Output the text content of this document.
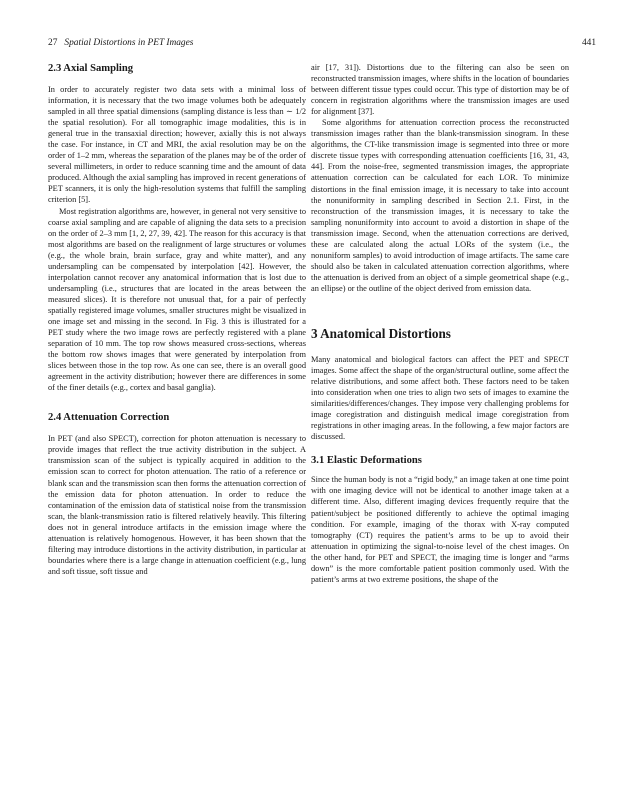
27 Spatial Distortions in PET Images	441
2.3 Axial Sampling

In order to accurately register two data sets with a minimal loss of information, it is necessary that the two image volumes both be adequately sampled in all three spatial dimensions (sampling distance is less than ∼ 1/2 the spatial resolution). For all tomographic image modalities, this is in general true in the transaxial direction; however, axially this is not always the case. For instance, in CT and MRI, the axial resolution may be on the order of 1–2 mm, whereas the separation of the planes may be of the order of several millimeters, in order to reduce scanning time and the amount of data produced. Although the axial sampling has improved in recent generations of PET scanners, it is only the high-resolution systems that fulfill the sampling criterion [5].

Most registration algorithms are, however, in general not very sensitive to coarse axial sampling and are capable of aligning the data sets to a precision on the order of 2–3 mm [1, 2, 27, 39, 42]. The reason for this accuracy is that most algorithms are based on the realignment of large structures or volumes (e.g., the whole brain, brain surface, gray and white matter), and any undersampling can be compensated by interpolation [42]. However, the interpolation cannot recover any anatomical information that is lost due to undersampling (i.e., structures that are located in the areas between the measured slices). It is therefore not unusual that, for a pair of perfectly spatially registered image volumes, smaller structures might be visualized in one image set and missing in the second. In Fig. 3 this is illustrated for a PET study where the two image rows are perfectly registered with a plane separation of 10 mm. The top row shows measured cross-sections, whereas the bottom row shows images that were generated by interpolation from slices between those in the top row. As one can see, there is an overall good agreement in the activity distribution; however there are differences in some of the finer details (e.g., cortex and basal ganglia).

2.4 Attenuation Correction

In PET (and also SPECT), correction for photon attenuation is necessary to provide images that reflect the true activity distribution in the subject. A transmission scan of the subject is typically acquired in addition to the emission scan to correct for photon attenuation. The ratio of a reference or blank scan and the transmission scan then forms the attenuation correction of the emission data for photon attenuation. In order to reduce the contamination of the emission data of statistical noise from the transmission scan, the blank-transmission ratio is filtered relatively heavily. This filtering does not in general introduce artifacts in the emission image where the attenuation is relatively homogenous. However, it has been shown that the filtering may introduce distortions in the activity distribution, in particular at boundaries where there is a large change in attenuation coefficient (e.g., lung and soft tissue, soft tissue and

air [17, 31]). Distortions due to the filtering can also be seen on reconstructed transmission images, where shifts in the location of boundaries between different tissue types could occur. This type of distortion may be of concern in registration algorithms where the transmission images are used for alignment [37].

Some algorithms for attenuation correction process the reconstructed transmission images rather than the blank-transmission sinogram. In these algorithms, the CT-like transmission image is segmented into three or more discrete tissue types with corresponding attenuation coefficients [16, 31, 43, 44]. From the noise-free, segmented transmission images, the appropriate attenuation correction can be calculated for each LOR. To minimize distortions in the final emission image, it is necessary to take into account the nonuniformity in sampling described in Section 2.1. First, in the reconstruction of the transmission images, it is necessary to take the sampling nonuniformity into account to avoid a distortion in shape of the transmission image. Second, when the attenuation corrections are derived, these are calculated along the actual LORs of the system (i.e., the nonuniform samples) to avoid introduction of image artifacts. The same care should also be taken in calculated attenuation correction algorithms, where the attenuation is derived from an object of a simple geometrical shape (e.g., an ellipse) or the outline of the object derived from emission data.

3 Anatomical Distortions

Many anatomical and biological factors can affect the PET and SPECT images. Some affect the shape of the organ/structural outline, some affect the relative distributions, and some affect both. These factors need to be taken into consideration when one tries to align two sets of images to examine the similarities/differences/changes. They impose very challenging problems for image coregistration and distinguish medical image coregistration from registrations in other imaging areas. In the following, a few major factors are discussed.

3.1 Elastic Deformations

Since the human body is not a “rigid body,” an image taken at one time point with one imaging device will not be identical to another image taken at a different time. Also, different imaging devices frequently require that the patient/subject be positioned differently to achieve the optimal imaging condition. For example, imaging of the thorax with X-ray computed tomography (CT) requires the patient’s arms to be up to avoid their attenuation in optimizing the signal-to-noise level of the chest images. On the other hand, for PET and SPECT, the imaging time is longer and “arms down” is the more comfortable patient position commonly used. With the patient’s arms at two extreme positions, the shape of the
